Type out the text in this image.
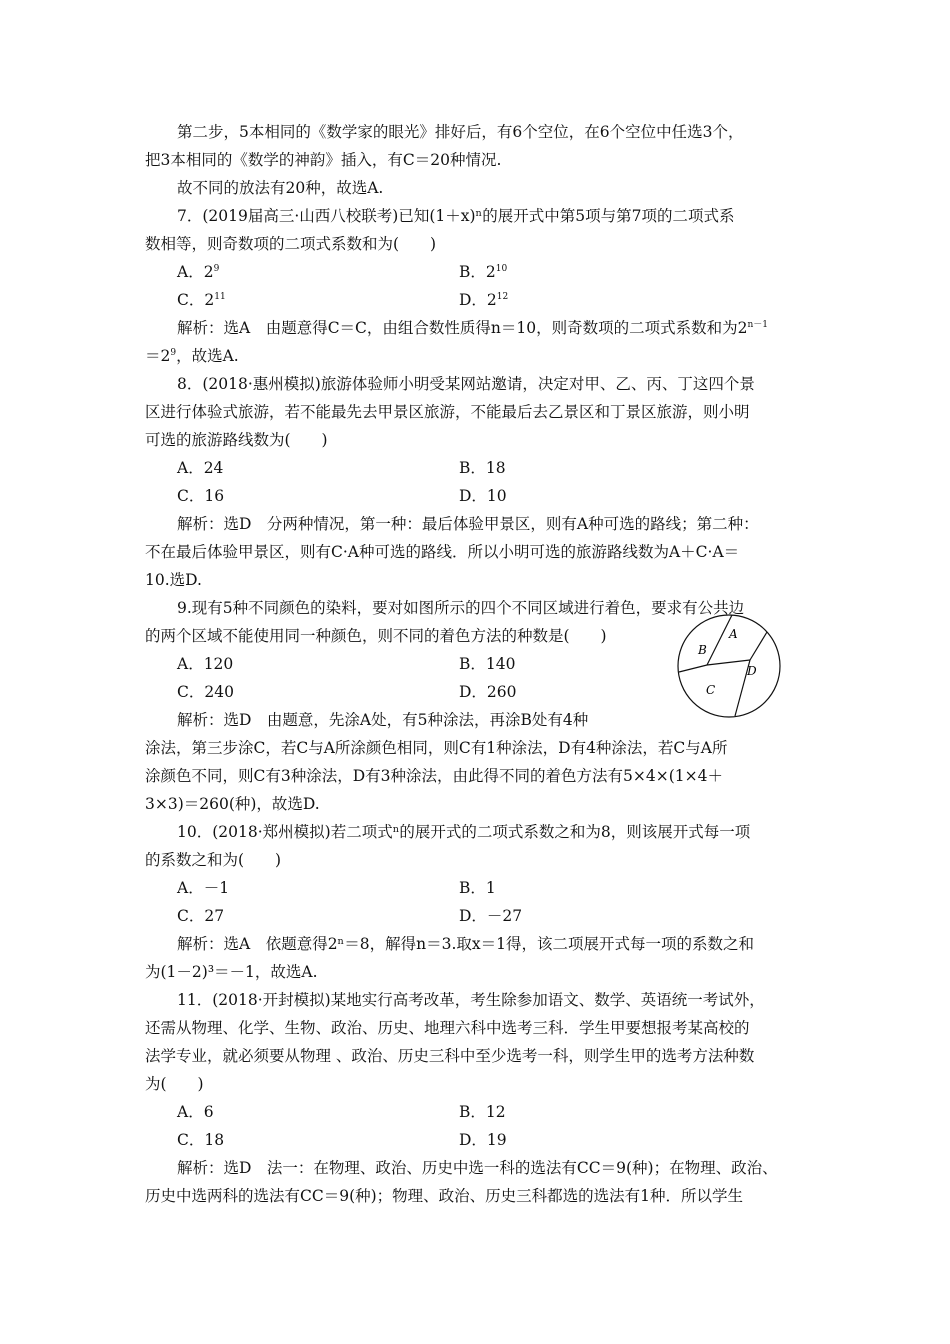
第二步，5本相同的《数学家的眼光》排好后，有6个空位，在6个空位中任选3个，
把3本相同的《数学的神韵》插入，有C＝20种情况.
故不同的放法有20种，故选A.
7．(2019届高三·山西八校联考)已知(1＋x)ⁿ的展开式中第5项与第7项的二项式系
数相等，则奇数项的二项式系数和为(　　)
A．$2^9$	B．$2^{10}$
C．$2^{11}$	D．$2^{12}$
解析：选A　由题意得C＝C，由组合数性质得n＝10，则奇数项的二项式系数和为$2^{n-1}$
$=2^9$，故选A.
8．(2018·惠州模拟)旅游体验师小明受某网站邀请，决定对甲、乙、丙、丁这四个景
区进行体验式旅游，若不能最先去甲景区旅游，不能最后去乙景区和丁景区旅游，则小明
可选的旅游路线数为(　　)
A．24	B．18
C．16	D．10
解析：选D　分两种情况，第一种：最后体验甲景区，则有A种可选的路线；第二种：
不在最后体验甲景区，则有C·A种可选的路线．所以小明可选的旅游路线数为A＋C·A＝
10.选D.
9.现有5种不同颜色的染料，要对如图所示的四个不同区域进行着色，要求有公共边
的两个区域不能使用同一种颜色，则不同的着色方法的种数是(　　)
A．120	B．140
C．240	D．260
解析：选D　由题意，先涂A处，有5种涂法，再涂B处有4种
涂法，第三步涂C，若C与A所涂颜色相同，则C有1种涂法，D有4种涂法，若C与A所
涂颜色不同，则C有3种涂法，D有3种涂法，由此得不同的着色方法有5×4×(1×4＋
3×3)＝260(种)，故选D.
A
B
C
D
10．(2018·郑州模拟)若二项式ⁿ的展开式的二项式系数之和为8，则该展开式每一项
的系数之和为(　　)
A．－1	B．1
C．27	D．－27
解析：选A　依题意得2ⁿ＝8，解得n＝3.取x＝1得，该二项展开式每一项的系数之和
为(1－2)³＝－1，故选A.
11．(2018·开封模拟)某地实行高考改革，考生除参加语文、数学、英语统一考试外，
还需从物理、化学、生物、政治、历史、地理六科中选考三科．学生甲要想报考某高校的
法学专业，就必须要从物理 、政治、历史三科中至少选考一科，则学生甲的选考方法种数
为(　　)
A．6	B．12
C．18	D．19
解析：选D　法一：在物理、政治、历史中选一科的选法有CC＝9(种)；在物理、政治、
历史中选两科的选法有CC＝9(种)；物理、政治、历史三科都选的选法有1种．所以学生
